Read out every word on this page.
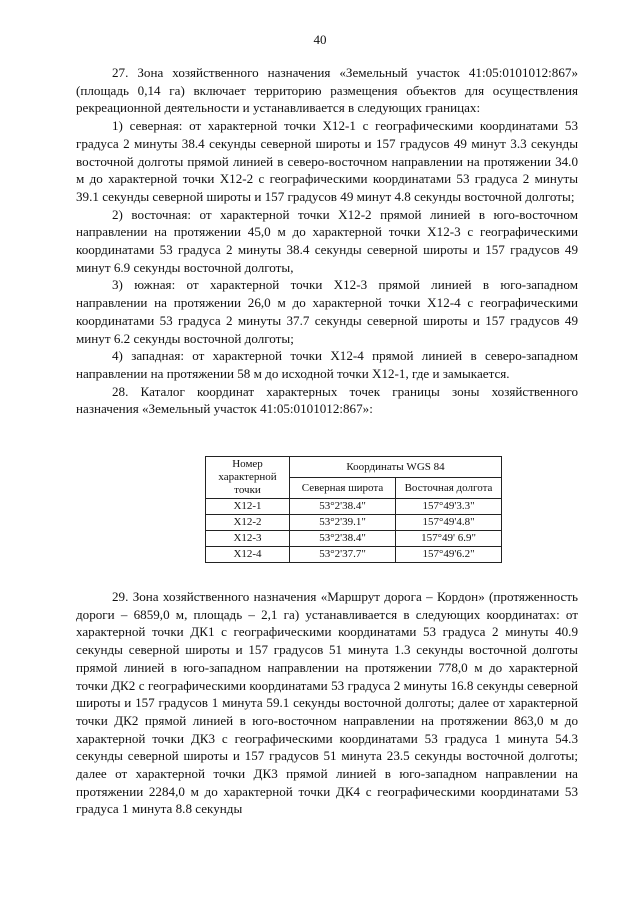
40

27. Зона хозяйственного назначения «Земельный участок 41:05:0101012:867» (площадь 0,14 га) включает территорию размещения объектов для осуществления рекреационной деятельности и устанавливается в следующих границах:

1) северная: от характерной точки X12-1 с географическими координатами 53 градуса 2 минуты 38.4 секунды северной широты и 157 градусов 49 минут 3.3 секунды восточной долготы прямой линией в северо-восточном направлении на протяжении 34.0 м до характерной точки X12-2 с географическими координатами 53 градуса 2 минуты 39.1 секунды северной широты и 157 градусов 49 минут 4.8 секунды восточной долготы;

2) восточная: от характерной точки X12-2 прямой линией в юго-восточном направлении на протяжении 45,0 м до характерной точки X12-3 с географическими координатами 53 градуса 2 минуты 38.4 секунды северной широты и 157 градусов 49 минут 6.9 секунды восточной долготы,

3) южная: от характерной точки X12-3 прямой линией в юго-западном направлении на протяжении 26,0 м до характерной точки X12-4 с географическими координатами 53 градуса 2 минуты 37.7 секунды северной широты и 157 градусов 49 минут 6.2 секунды восточной долготы;

4) западная: от характерной точки X12-4 прямой линией в северо-западном направлении на протяжении 58 м до исходной точки X12-1, где и замыкается.

28. Каталог координат характерных точек границы зоны хозяйственного назначения «Земельный участок 41:05:0101012:867»:

Номер характерной точки	Координаты WGS 84	
	Северная широта	Восточная долгота
X12-1	53°2'38.4"	157°49'3.3"
X12-2	53°2'39.1"	157°49'4.8"
X12-3	53°2'38.4"	157°49' 6.9"
X12-4	53°2'37.7"	157°49'6.2"

29. Зона хозяйственного назначения «Маршрут дорога – Кордон» (протяженность дороги – 6859,0 м, площадь – 2,1 га) устанавливается в следующих координатах: от характерной точки ДК1 с географическими координатами 53 градуса 2 минуты 40.9 секунды северной широты и 157 градусов 51 минута 1.3 секунды восточной долготы прямой линией в юго-западном направлении на протяжении 778,0 м до характерной точки ДК2 с географическими координатами 53 градуса 2 минуты 16.8 секунды северной широты и 157 градусов 1 минута 59.1 секунды восточной долготы; далее от характерной точки ДК2 прямой линией в юго-восточном направлении на протяжении 863,0 м до характерной точки ДК3 с географическими координатами 53 градуса 1 минута 54.3 секунды северной широты и 157 градусов 51 минута 23.5 секунды восточной долготы; далее от характерной точки ДК3 прямой линией в юго-западном направлении на протяжении 2284,0 м до характерной точки ДК4 с географическими координатами 53 градуса 1 минута 8.8 секунды
